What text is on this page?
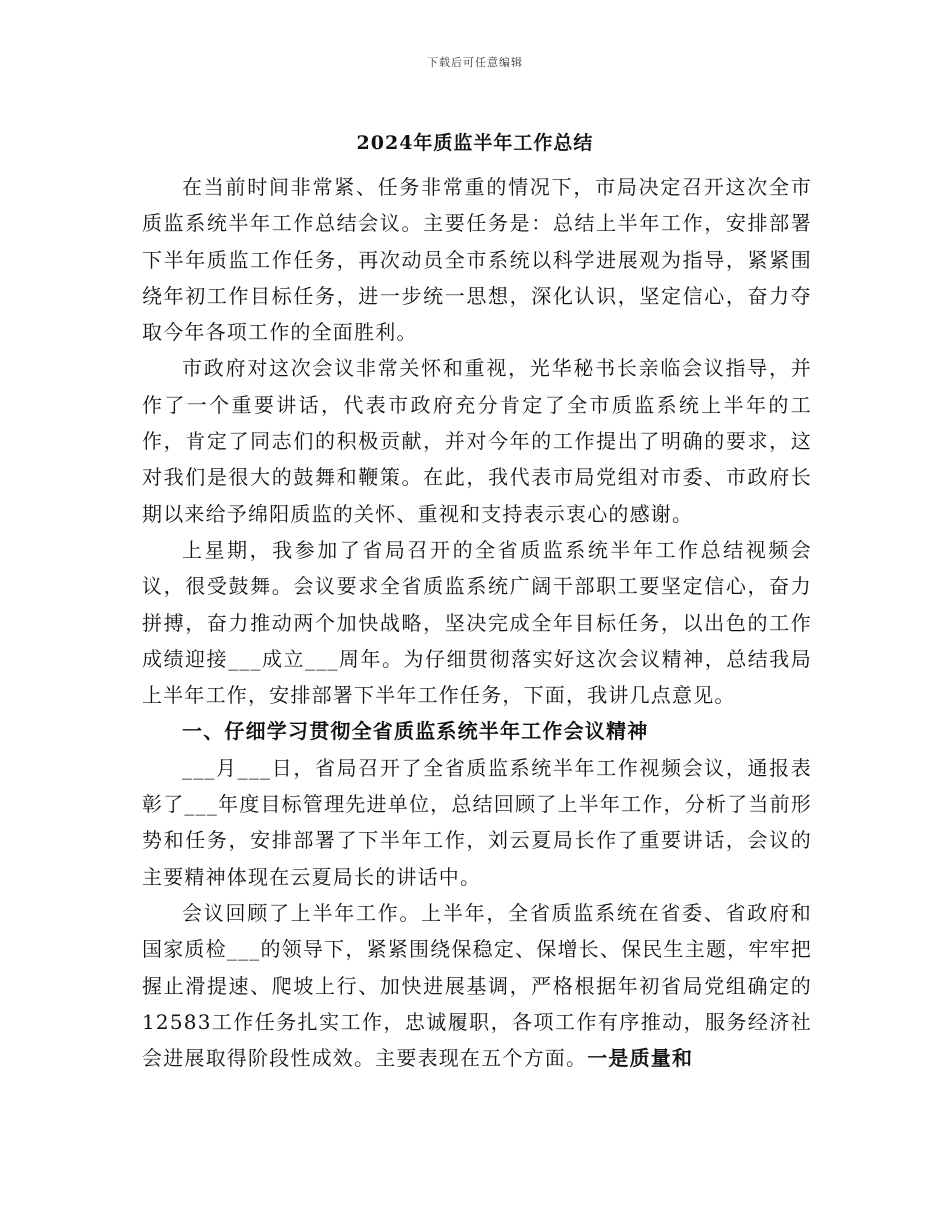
下载后可任意编辑
2024年质监半年工作总结

在当前时间非常紧、任务非常重的情况下，市局决定召开这次全市质监系统半年工作总结会议。主要任务是：总结上半年工作，安排部署下半年质监工作任务，再次动员全市系统以科学进展观为指导，紧紧围绕年初工作目标任务，进一步统一思想，深化认识，坚定信心，奋力夺取今年各项工作的全面胜利。

市政府对这次会议非常关怀和重视，光华秘书长亲临会议指导，并作了一个重要讲话，代表市政府充分肯定了全市质监系统上半年的工作，肯定了同志们的积极贡献，并对今年的工作提出了明确的要求，这对我们是很大的鼓舞和鞭策。在此，我代表市局党组对市委、市政府长期以来给予绵阳质监的关怀、重视和支持表示衷心的感谢。

上星期，我参加了省局召开的全省质监系统半年工作总结视频会议，很受鼓舞。会议要求全省质监系统广阔干部职工要坚定信心，奋力拼搏，奋力推动两个加快战略，坚决完成全年目标任务，以出色的工作成绩迎接___成立___周年。为仔细贯彻落实好这次会议精神，总结我局上半年工作，安排部署下半年工作任务，下面，我讲几点意见。

一、仔细学习贯彻全省质监系统半年工作会议精神

___月___日，省局召开了全省质监系统半年工作视频会议，通报表彰了___年度目标管理先进单位，总结回顾了上半年工作，分析了当前形势和任务，安排部署了下半年工作，刘云夏局长作了重要讲话，会议的主要精神体现在云夏局长的讲话中。

会议回顾了上半年工作。上半年，全省质监系统在省委、省政府和国家质检___的领导下，紧紧围绕保稳定、保增长、保民生主题，牢牢把握止滑提速、爬坡上行、加快进展基调，严格根据年初省局党组确定的12583工作任务扎实工作，忠诚履职，各项工作有序推动，服务经济社会进展取得阶段性成效。主要表现在五个方面。一是质量和
